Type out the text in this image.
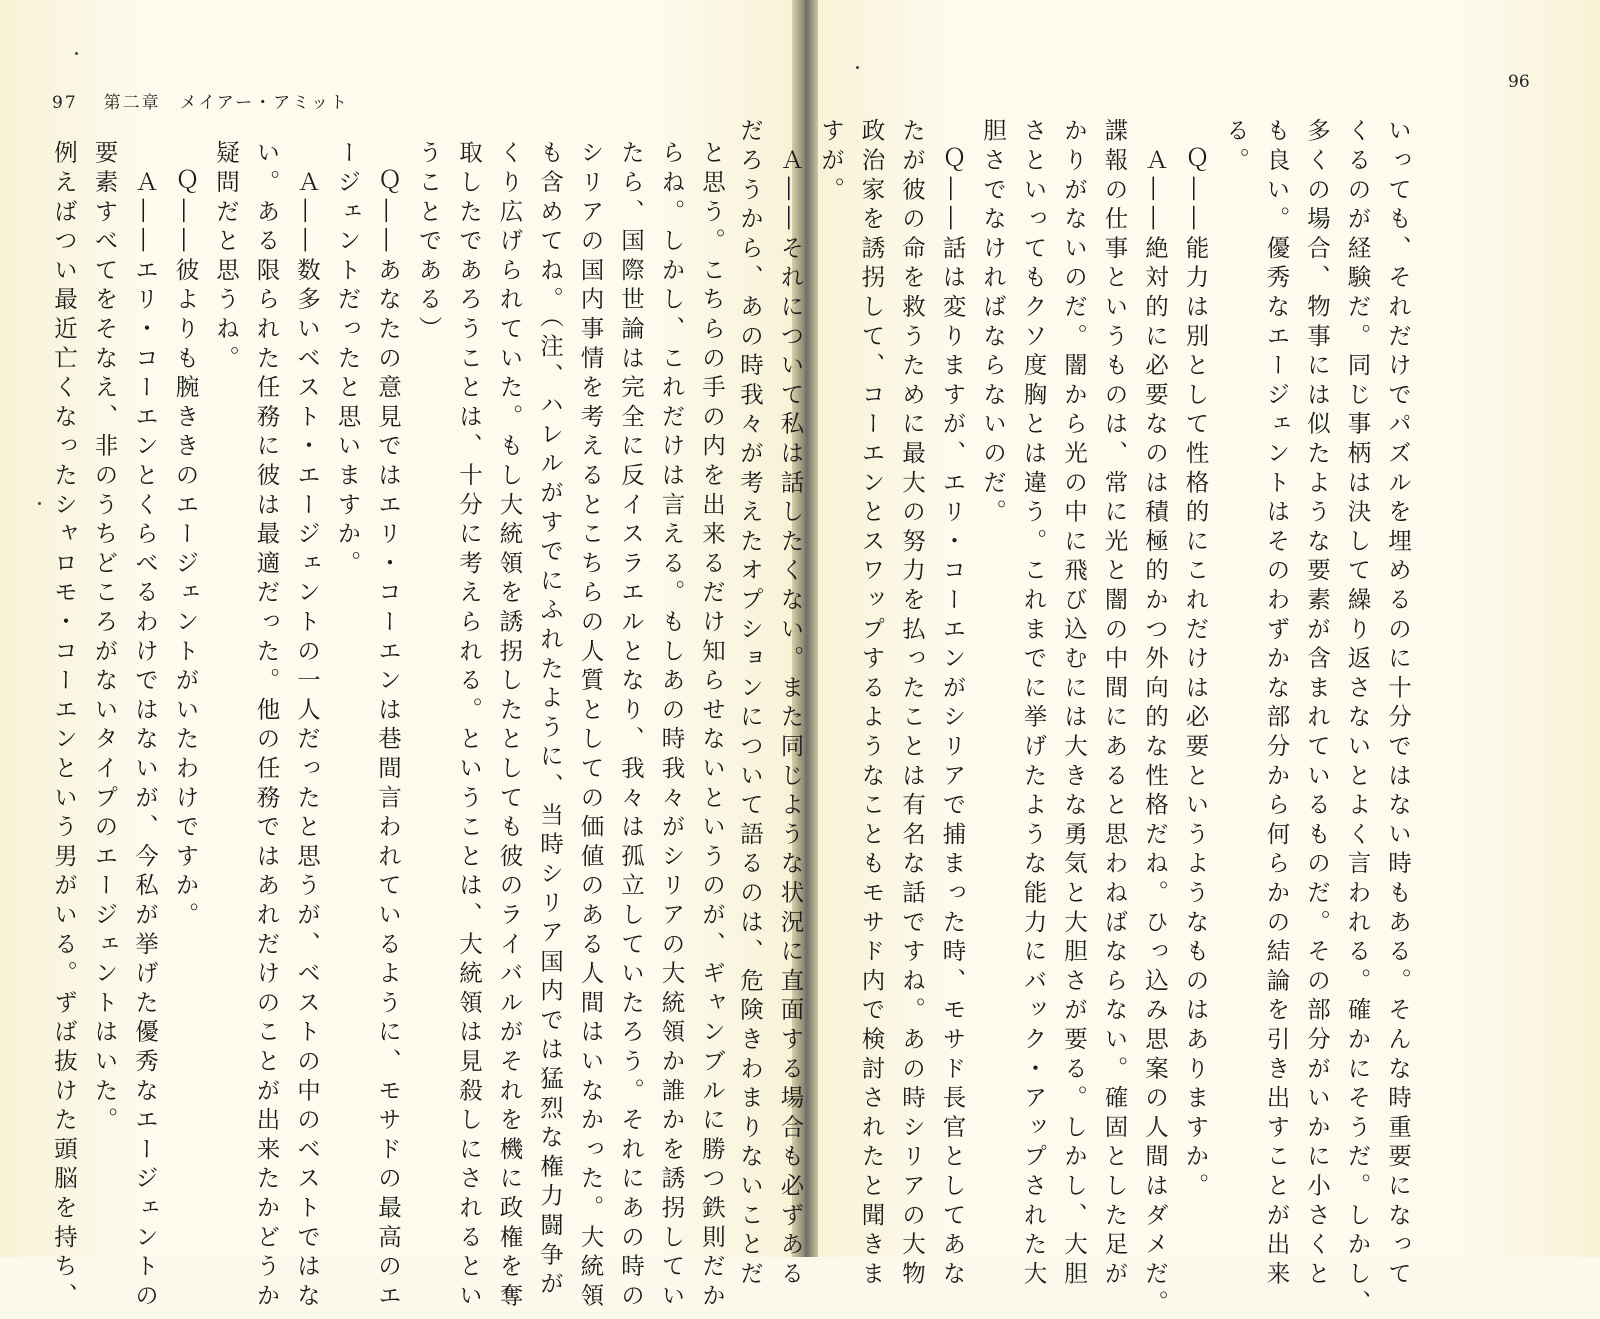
97 第二章　メイアー・アミット
96
と思う。こちらの手の内を出来るだけ知らせないというのが、ギャンブルに勝つ鉄則だか
らね。しかし、これだけは言える。もしあの時我々がシリアの大統領か誰かを誘拐してい
たら、国際世論は完全に反イスラエルとなり、我々は孤立していたろう。それにあの時の
シリアの国内事情を考えるとこちらの人質としての価値のある人間はいなかった。大統領
も含めてね。（注、ハレルがすでにふれたように、当時シリア国内では猛烈な権力闘争が
くり広げられていた。もし大統領を誘拐したとしても彼のライバルがそれを機に政権を奪
取したであろうことは、十分に考えられる。ということは、大統領は見殺しにされるとい
うことである）
　Ｑ――あなたの意見ではエリ・コーエンは巷間言われているように、モサドの最高のエ
ージェントだったと思いますか。
　Ａ――数多いベスト・エージェントの一人だったと思うが、ベストの中のベストではな
い。ある限られた任務に彼は最適だった。他の任務ではあれだけのことが出来たかどうか
疑問だと思うね。
　Ｑ――彼よりも腕ききのエージェントがいたわけですか。
　Ａ――エリ・コーエンとくらべるわけではないが、今私が挙げた優秀なエージェントの
要素すべてをそなえ、非のうちどころがないタイプのエージェントはいた。
例えばつい最近亡くなったシャロモ・コーエンという男がいる。ずば抜けた頭脳を持ち、	いっても、それだけでパズルを埋めるのに十分ではない時もある。そんな時重要になって
くるのが経験だ。同じ事柄は決して繰り返さないとよく言われる。確かにそうだ。しかし、
多くの場合、物事には似たような要素が含まれているものだ。その部分がいかに小さくと
も良い。優秀なエージェントはそのわずかな部分から何らかの結論を引き出すことが出来
る。
　Ｑ――能力は別として性格的にこれだけは必要というようなものはありますか。
　Ａ――絶対的に必要なのは積極的かつ外向的な性格だね。ひっ込み思案の人間はダメだ。
諜報の仕事というものは、常に光と闇の中間にあると思わねばならない。確固とした足が
かりがないのだ。闇から光の中に飛び込むには大きな勇気と大胆さが要る。しかし、大胆
さといってもクソ度胸とは違う。これまでに挙げたような能力にバック・アップされた大
胆さでなければならないのだ。
　Ｑ――話は変りますが、エリ・コーエンがシリアで捕まった時、モサド長官としてあな
たが彼の命を救うために最大の努力を払ったことは有名な話ですね。あの時シリアの大物
政治家を誘拐して、コーエンとスワップするようなこともモサド内で検討されたと聞きま
すが。
　Ａ――それについて私は話したくない。また同じような状況に直面する場合も必ずある
だろうから、あの時我々が考えたオプションについて語るのは、危険きわまりないことだ
